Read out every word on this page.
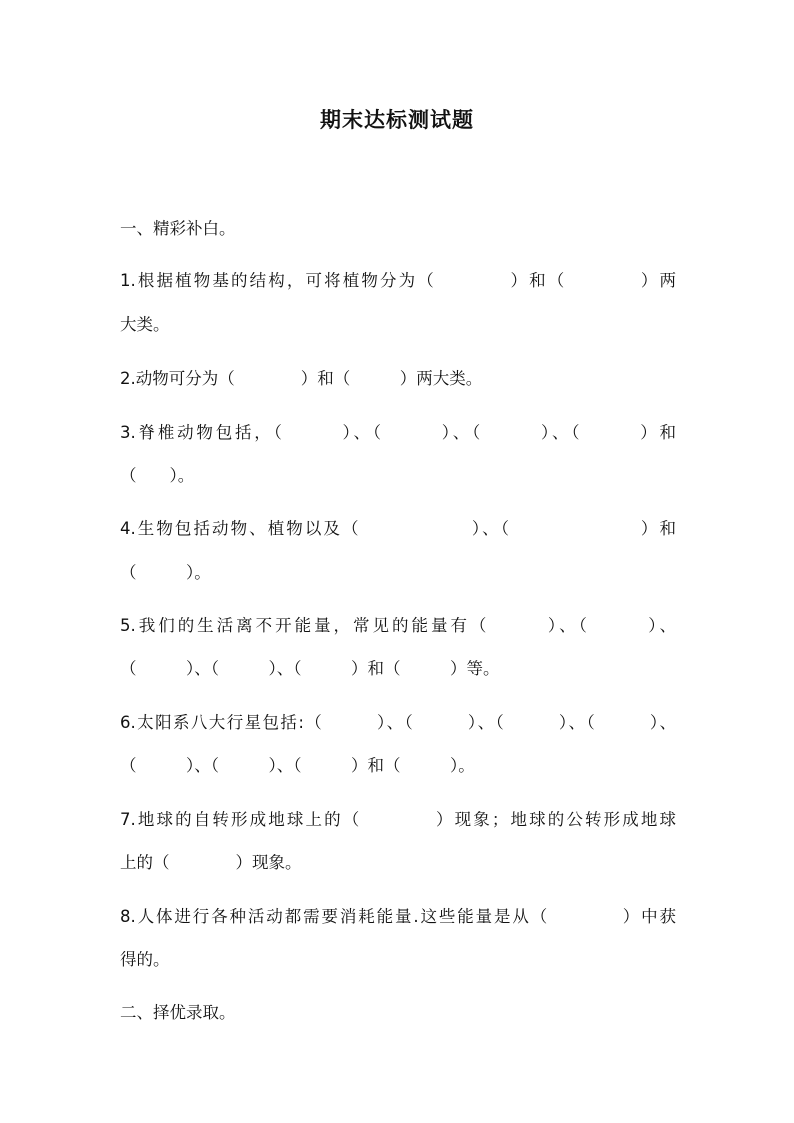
期末达标测试题
一、精彩补白。
1.根据植物基的结构，可将植物分为（　　　　）和（　　　　）两
大类。
2.动物可分为（　　　　）和（　　　）两大类。
3.脊椎动物包括，（　　　）、（　　　）、（　　　）、（　　　）和
（　　）。
4.生物包括动物、植物以及（　　　　　　）、（　　　　　　　）和
（　　　）。
5.我们的生活离不开能量，常见的能量有（　　　）、（　　　）、
（　　　）、（　　　）、（　　　）和（　　　）等。
6.太阳系八大行星包括:（　　　）、（　　　）、（　　　）、（　　　）、
（　　　）、（　　　）、（　　　）和（　　　）。
7.地球的自转形成地球上的（　　　　）现象；地球的公转形成地球
上的（　　　　）现象。
8.人体进行各种活动都需要消耗能量.这些能量是从（　　　　）中获
得的。
二、择优录取。
